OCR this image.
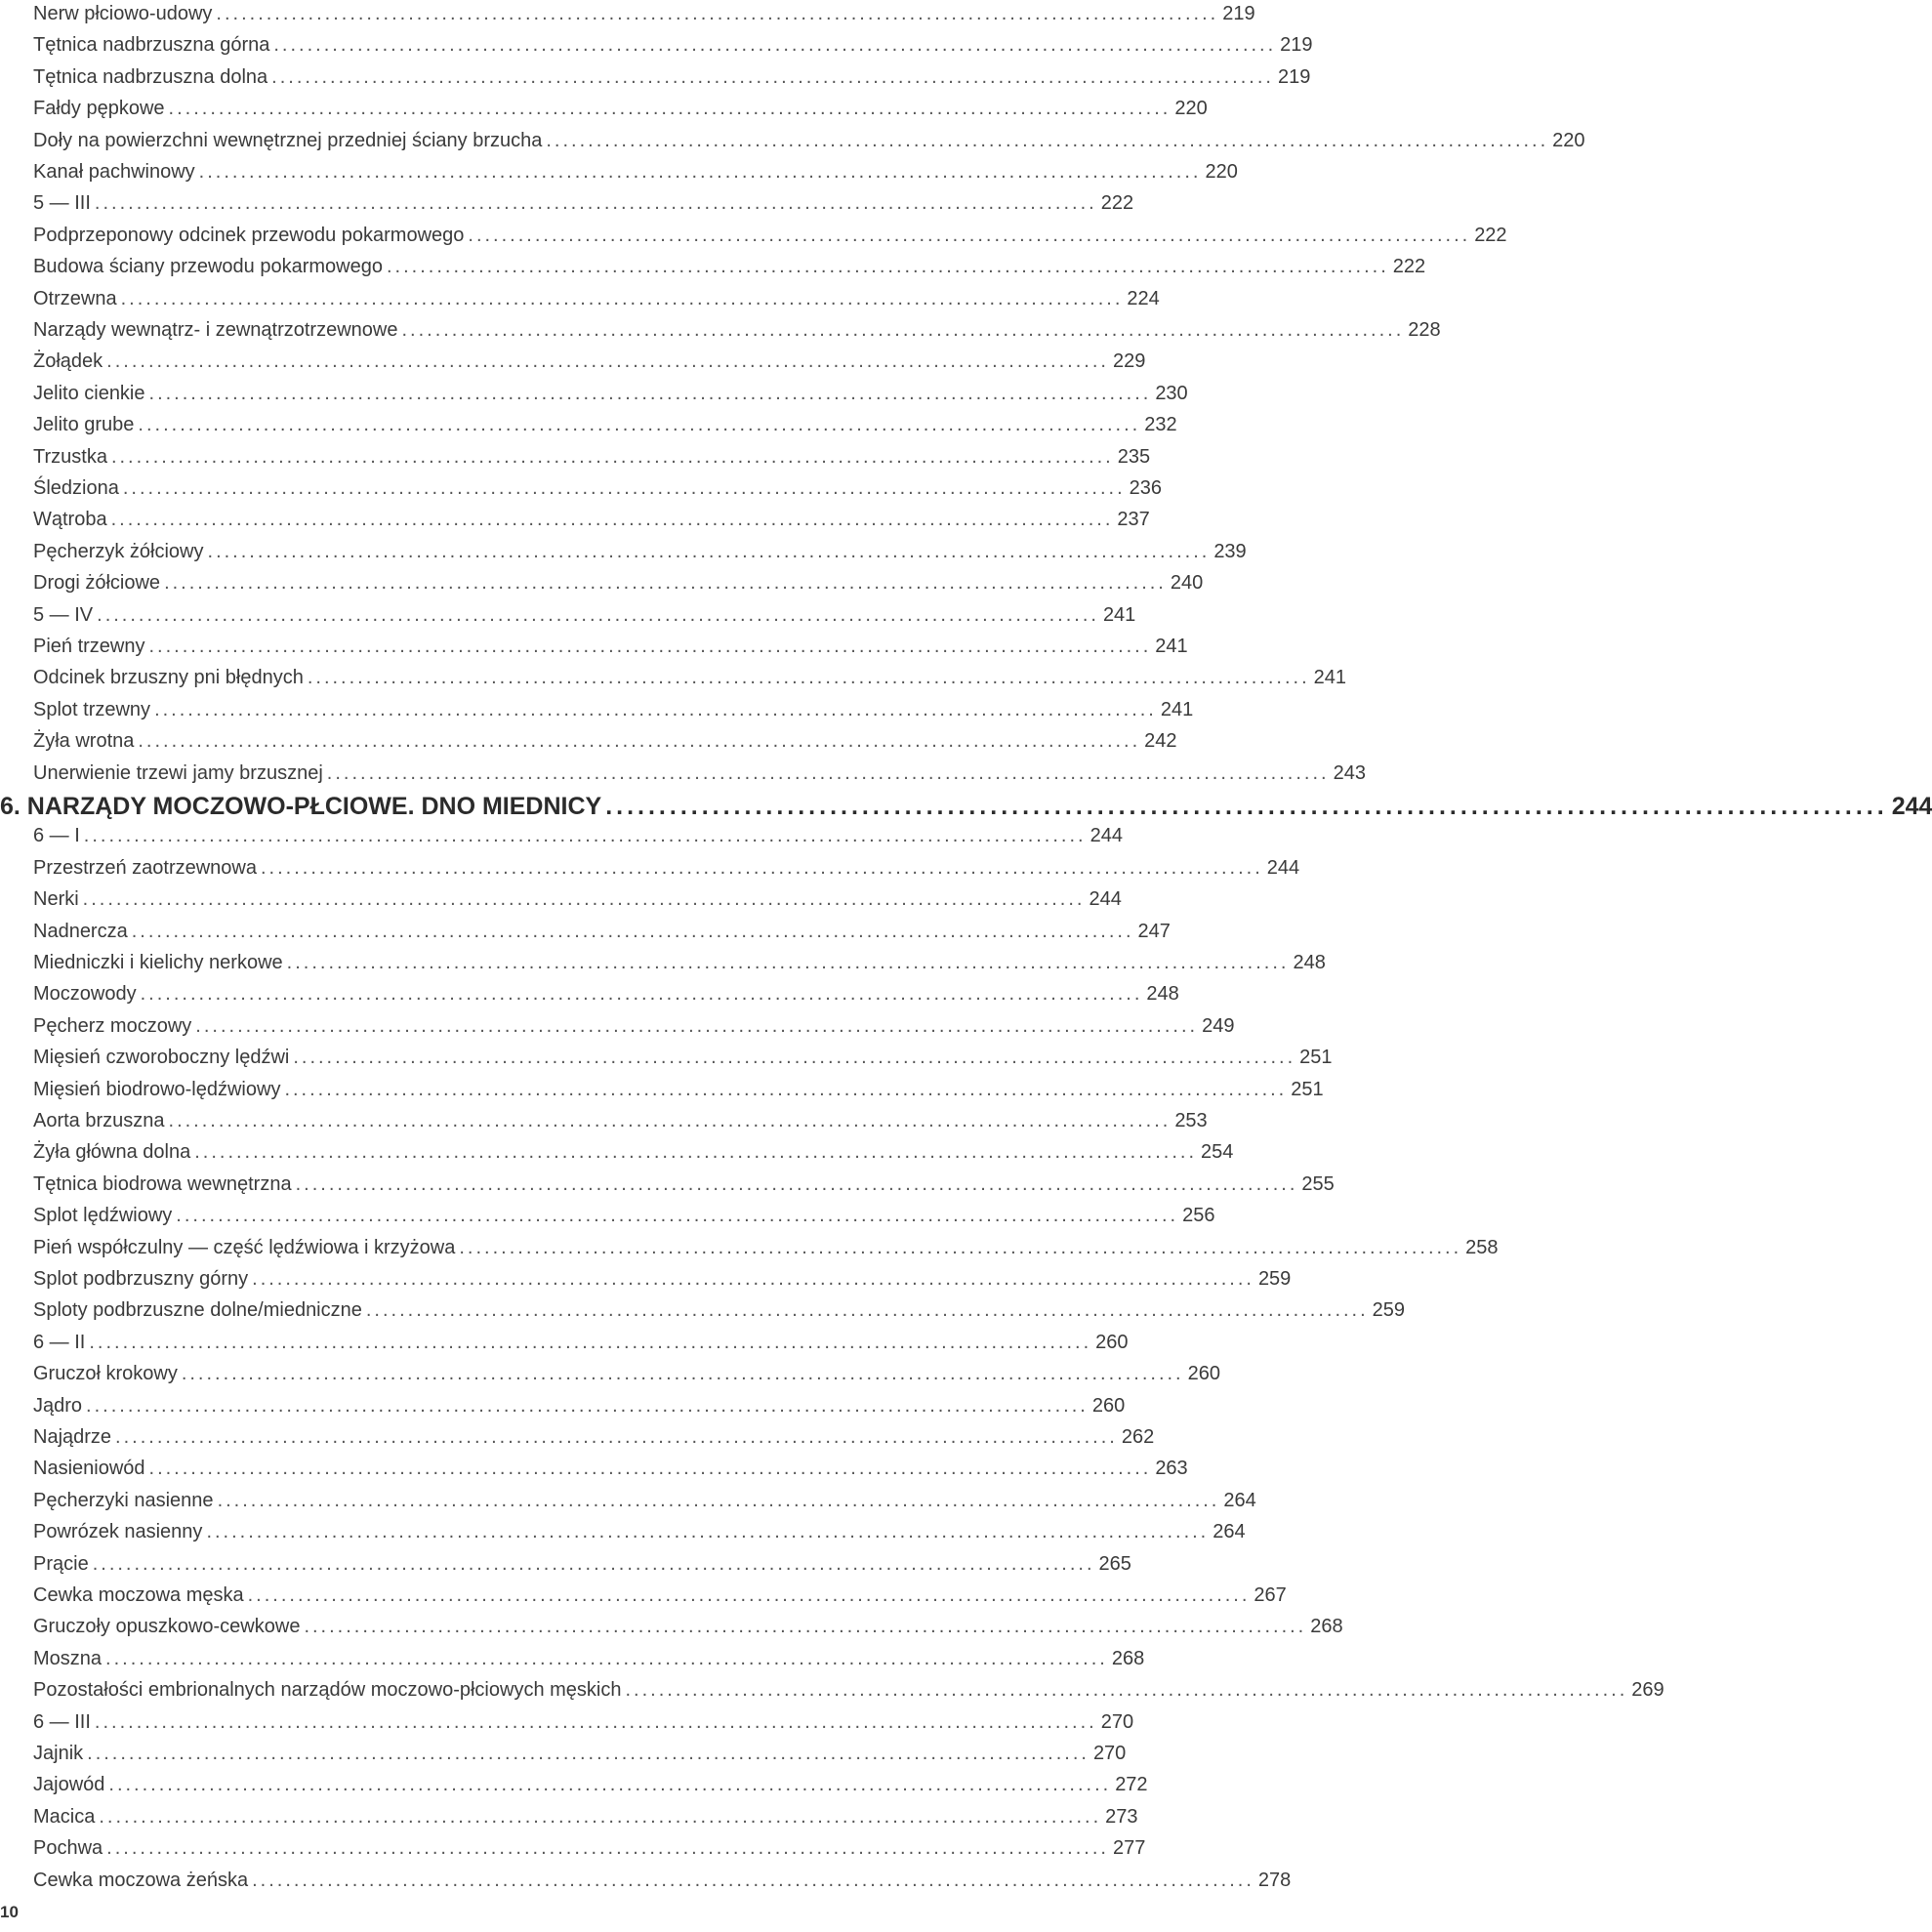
Nerw płciowo-udowy ........................................................................................................................ 219
Tętnica nadbrzuszna górna ........................................................................................................................ 219
Tętnica nadbrzuszna dolna ........................................................................................................................ 219
Fałdy pępkowe ........................................................................................................................ 220
Doły na powierzchni wewnętrznej przedniej ściany brzucha ........................................................................................................................ 220
Kanał pachwinowy ........................................................................................................................ 220
5 — III ........................................................................................................................ 222
Podprzeponowy odcinek przewodu pokarmowego ........................................................................................................................ 222
Budowa ściany przewodu pokarmowego ........................................................................................................................ 222
Otrzewna ........................................................................................................................ 224
Narządy wewnątrz- i zewnątrzotrzewnowe ........................................................................................................................ 228
Żołądek ........................................................................................................................ 229
Jelito cienkie ........................................................................................................................ 230
Jelito grube ........................................................................................................................ 232
Trzustka ........................................................................................................................ 235
Śledziona ........................................................................................................................ 236
Wątroba ........................................................................................................................ 237
Pęcherzyk żółciowy ........................................................................................................................ 239
Drogi żółciowe ........................................................................................................................ 240
5 — IV ........................................................................................................................ 241
Pień trzewny ........................................................................................................................ 241
Odcinek brzuszny pni błędnych ........................................................................................................................ 241
Splot trzewny ........................................................................................................................ 241
Żyła wrotna ........................................................................................................................ 242
Unerwienie trzewi jamy brzusznej ........................................................................................................................ 243
6. NARZĄDY MOCZOWO-PŁCIOWE. DNO MIEDNICY ........................................................................................................................ 244
6 — I ........................................................................................................................ 244
Przestrzeń zaotrzewnowa ........................................................................................................................ 244
Nerki ........................................................................................................................ 244
Nadnercza ........................................................................................................................ 247
Miedniczki i kielichy nerkowe ........................................................................................................................ 248
Moczowody ........................................................................................................................ 248
Pęcherz moczowy ........................................................................................................................ 249
Mięsień czworoboczny lędźwi ........................................................................................................................ 251
Mięsień biodrowo-lędźwiowy ........................................................................................................................ 251
Aorta brzuszna ........................................................................................................................ 253
Żyła główna dolna ........................................................................................................................ 254
Tętnica biodrowa wewnętrzna ........................................................................................................................ 255
Splot lędźwiowy ........................................................................................................................ 256
Pień współczulny — część lędźwiowa i krzyżowa ........................................................................................................................ 258
Splot podbrzuszny górny ........................................................................................................................ 259
Sploty podbrzuszne dolne/miedniczne ........................................................................................................................ 259
6 — II ........................................................................................................................ 260
Gruczoł krokowy ........................................................................................................................ 260
Jądro ........................................................................................................................ 260
Najądrze ........................................................................................................................ 262
Nasieniowód ........................................................................................................................ 263
Pęcherzyki nasienne ........................................................................................................................ 264
Powrózek nasienny ........................................................................................................................ 264
Prącie ........................................................................................................................ 265
Cewka moczowa męska ........................................................................................................................ 267
Gruczoły opuszkowo-cewkowe ........................................................................................................................ 268
Moszna ........................................................................................................................ 268
Pozostałości embrionalnych narządów moczowo-płciowych męskich ........................................................................................................................ 269
6 — III ........................................................................................................................ 270
Jajnik ........................................................................................................................ 270
Jajowód ........................................................................................................................ 272
Macica ........................................................................................................................ 273
Pochwa ........................................................................................................................ 277
Cewka moczowa żeńska ........................................................................................................................ 278
10
